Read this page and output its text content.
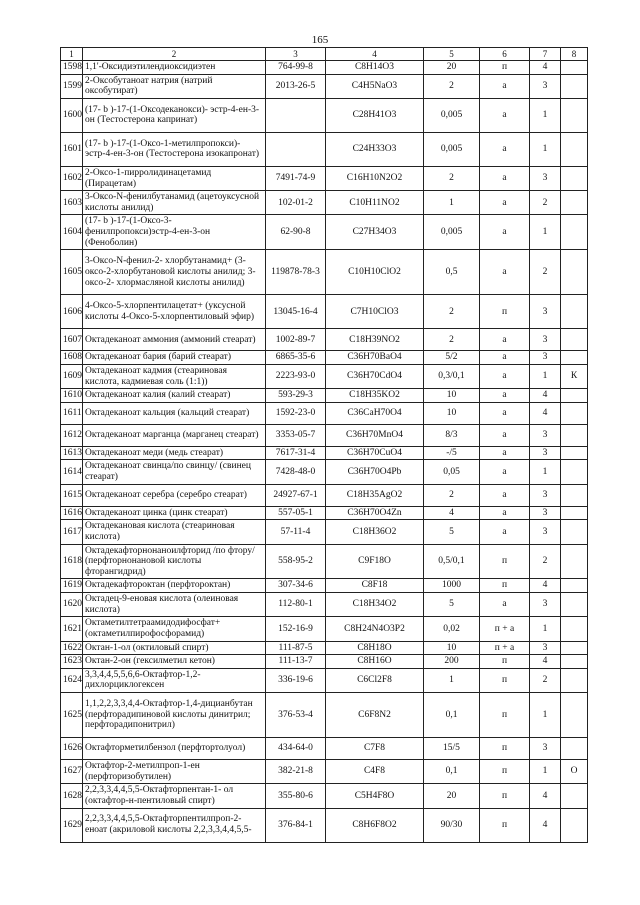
165
1	2	3	4	5	6	7	8
1598	1,1'-Оксидиэтилендиоксидиэтен	764-99-8	C8H14O3	20	п	4	
1599	2-Оксобутаноат натрия (натрий оксобутират)	2013-26-5	C4H5NaO3	2	а	3	
1600	(17- b )-17-(1-Оксодеканокси)- эстр-4-ен-3-он (Тестостерона капринат)		C28H41O3	0,005	а	1	
1601	(17- b )-17-(1-Оксо-1-метилпропокси)-эстр-4-ен-3-он (Тестостерона изокапронат)		C24H33O3	0,005	а	1	
1602	2-Оксо-1-пирролидинацетамид (Пирацетам)	7491-74-9	C16H10N2O2	2	а	3	
1603	3-Оксо-N-фенилбутанамид (ацетоуксусной кислоты анилид)	102-01-2	C10H11NO2	1	а	2	
1604	(17- b )-17-(1-Оксо-3-фенилпропокси)эстр-4-ен-3-он (Феноболин)	62-90-8	C27H34O3	0,005	а	1	
1605	3-Оксо-N-фенил-2- хлорбутанамид+ (3-оксо-2-хлорбутановой кислоты анилид; 3-оксо-2- хлормасляной кислоты анилид)	119878-78-3	C10H10ClO2	0,5	а	2	
1606	4-Оксо-5-хлорпентилацетат+ (уксусной кислоты 4-Оксо-5-хлорпентиловый эфир)	13045-16-4	C7H10ClO3	2	п	3	
1607	Октадеканоат аммония (аммоний стеарат)	1002-89-7	C18H39NO2	2	а	3	
1608	Октадеканоат бария (барий стеарат)	6865-35-6	C36H70BaO4	5/2	а	3	
1609	Октадеканоат кадмия (стеариновая кислота, кадмиевая соль (1:1))	2223-93-0	C36H70CdO4	0,3/0,1	а	1	К
1610	Октадеканоат калия (калий стеарат)	593-29-3	C18H35KO2	10	а	4	
1611	Октадеканоат кальция (кальций стеарат)	1592-23-0	C36CaH70O4	10	а	4	
1612	Октадеканоат марганца (марганец стеарат)	3353-05-7	C36H70MnO4	8/3	а	3	
1613	Октадеканоат меди (медь стеарат)	7617-31-4	C36H70CuO4	-/5	а	3	
1614	Октадеканоат свинца/по свинцу/ (свинец стеарат)	7428-48-0	C36H70O4Pb	0,05	а	1	
1615	Октадеканоат серебра (серебро стеарат)	24927-67-1	C18H35AgO2	2	а	3	
1616	Октадеканоат цинка (цинк стеарат)	557-05-1	C36H70O4Zn	4	а	3	
1617	Октадекановая кислота (стеариновая кислота)	57-11-4	C18H36O2	5	а	3	
1618	Октадекафторнонаноилфторид /по фтору/ (перфторнонановой кислоты фторангидрид)	558-95-2	C9F18O	0,5/0,1	п	2	
1619	Октадекафтороктан (перфтороктан)	307-34-6	C8F18	1000	п	4	
1620	Октадец-9-еновая кислота (олеиновая кислота)	112-80-1	C18H34O2	5	а	3	
1621	Октаметилтетраамидодифосфат+ (октаметилпирофосфорамид)	152-16-9	C8H24N4O3P2	0,02	п + а	1	
1622	Октан-1-ол (октиловый спирт)	111-87-5	C8H18O	10	п + а	3	
1623	Октан-2-он (гексилметил кетон)	111-13-7	C8H16O	200	п	4	
1624	3,3,4,4,5,5,6,6-Октафтор-1,2-дихлорциклогексен	336-19-6	C6Cl2F8	1	п	2	
1625	1,1,2,2,3,3,4,4-Октафтор-1,4-дицианбутан (перфторадипиновой кислоты динитрил; перфторадипонитрил)	376-53-4	C6F8N2	0,1	п	1	
1626	Октафторметилбензол (перфтортолуол)	434-64-0	C7F8	15/5	п	3	
1627	Октафтор-2-метилпроп-1-ен (перфторизобутилен)	382-21-8	C4F8	0,1	п	1	О
1628	2,2,3,3,4,4,5,5-Октафторпентан-1- ол (октафтор-н-пентиловый спирт)	355-80-6	C5H4F8O	20	п	4	
1629	2,2,3,3,4,4,5,5-Октафторпентилпроп-2-еноат (акриловой кислоты 2,2,3,3,4,4,5,5-	376-84-1	C8H6F8O2	90/30	п	4	
